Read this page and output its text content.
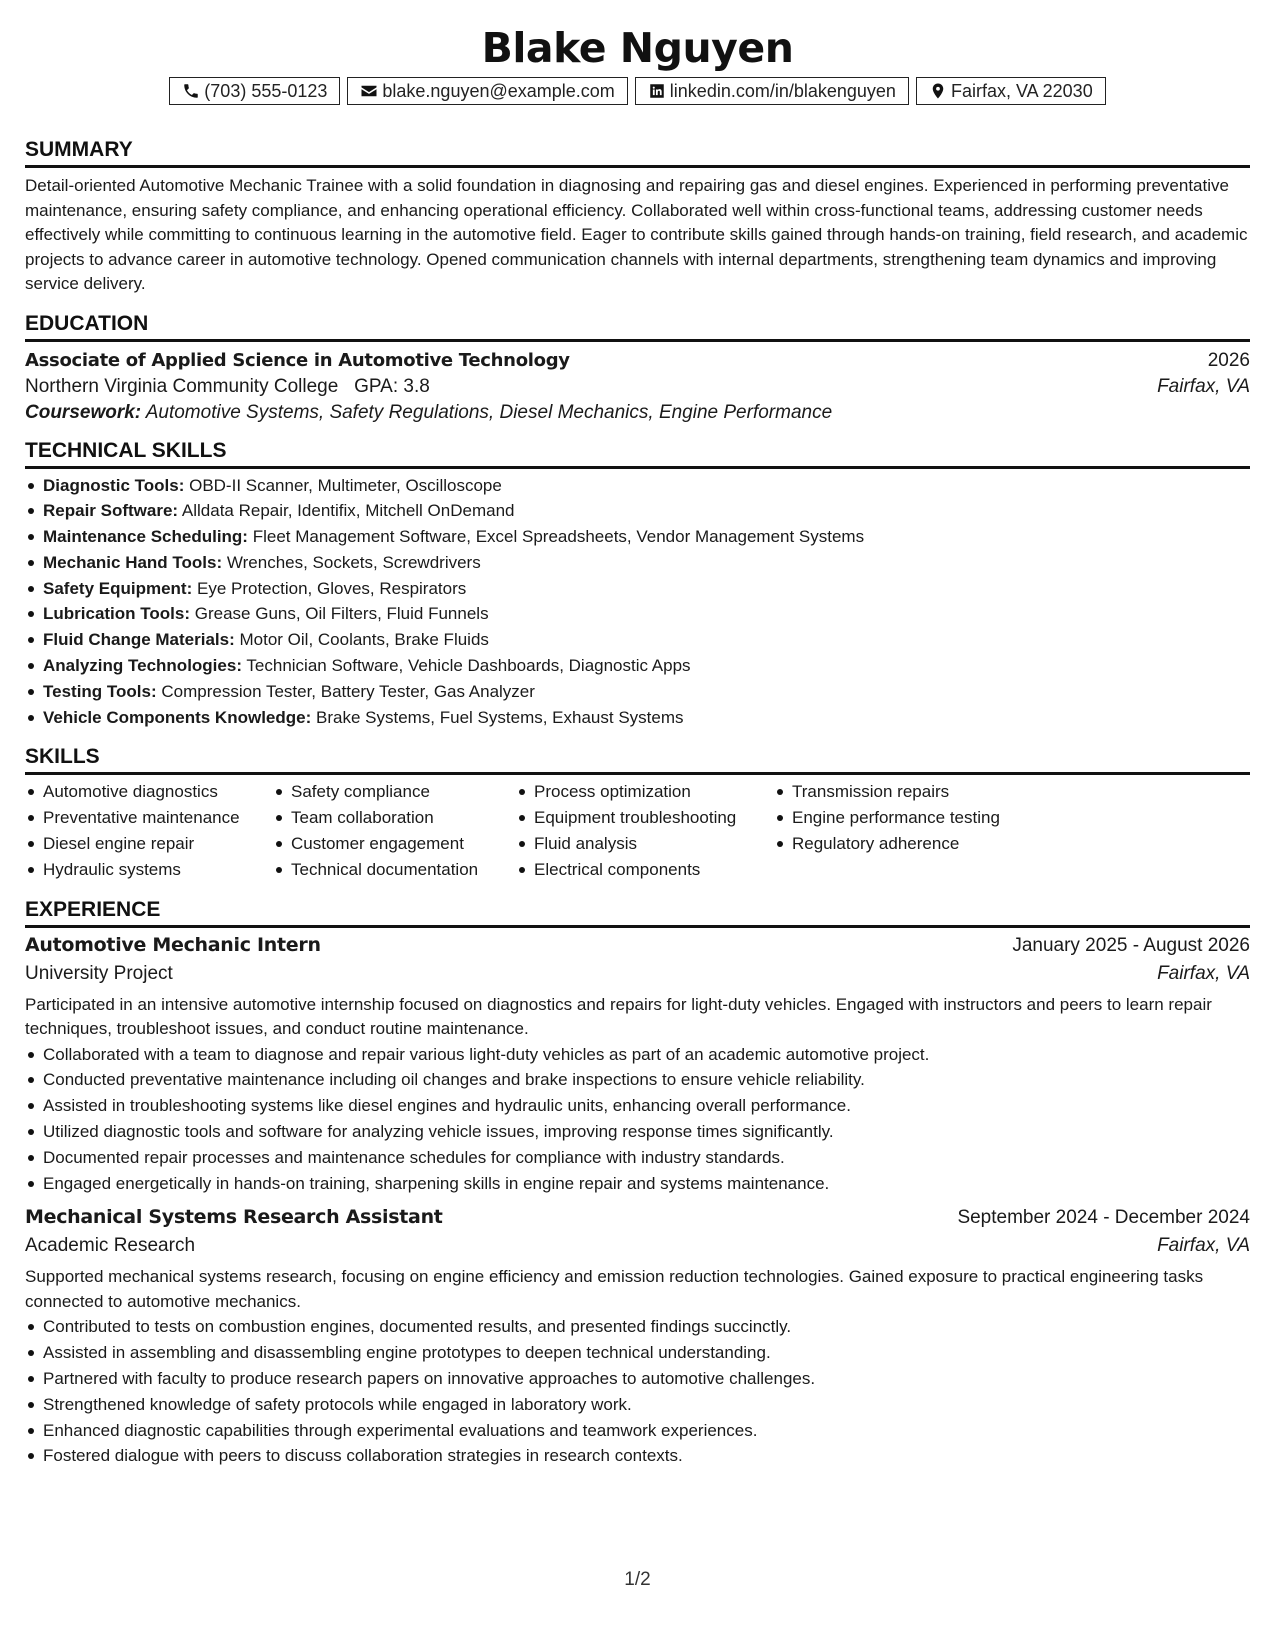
Blake Nguyen
(703) 555-0123	blake.nguyen@example.com	linkedin.com/in/blakenguyen	Fairfax, VA 22030
SUMMARY
Detail-oriented Automotive Mechanic Trainee with a solid foundation in diagnosing and repairing gas and diesel engines. Experienced in performing preventative maintenance, ensuring safety compliance, and enhancing operational efficiency. Collaborated well within cross-functional teams, addressing customer needs effectively while committing to continuous learning in the automotive field. Eager to contribute skills gained through hands-on training, field research, and academic projects to advance career in automotive technology. Opened communication channels with internal departments, strengthening team dynamics and improving service delivery.
EDUCATION
Associate of Applied Science in Automotive Technology	2026
Northern Virginia Community College GPA: 3.8	Fairfax, VA
Coursework: Automotive Systems, Safety Regulations, Diesel Mechanics, Engine Performance
TECHNICAL SKILLS
Diagnostic Tools: OBD-II Scanner, Multimeter, Oscilloscope
Repair Software: Alldata Repair, Identifix, Mitchell OnDemand
Maintenance Scheduling: Fleet Management Software, Excel Spreadsheets, Vendor Management Systems
Mechanic Hand Tools: Wrenches, Sockets, Screwdrivers
Safety Equipment: Eye Protection, Gloves, Respirators
Lubrication Tools: Grease Guns, Oil Filters, Fluid Funnels
Fluid Change Materials: Motor Oil, Coolants, Brake Fluids
Analyzing Technologies: Technician Software, Vehicle Dashboards, Diagnostic Apps
Testing Tools: Compression Tester, Battery Tester, Gas Analyzer
Vehicle Components Knowledge: Brake Systems, Fuel Systems, Exhaust Systems
SKILLS
Automotive diagnostics
Preventative maintenance
Diesel engine repair
Hydraulic systems
Safety compliance
Team collaboration
Customer engagement
Technical documentation
Process optimization
Equipment troubleshooting
Fluid analysis
Electrical components
Transmission repairs
Engine performance testing
Regulatory adherence
EXPERIENCE
Automotive Mechanic Intern	January 2025 - August 2026
University Project	Fairfax, VA
Participated in an intensive automotive internship focused on diagnostics and repairs for light-duty vehicles. Engaged with instructors and peers to learn repair techniques, troubleshoot issues, and conduct routine maintenance.
Collaborated with a team to diagnose and repair various light-duty vehicles as part of an academic automotive project.
Conducted preventative maintenance including oil changes and brake inspections to ensure vehicle reliability.
Assisted in troubleshooting systems like diesel engines and hydraulic units, enhancing overall performance.
Utilized diagnostic tools and software for analyzing vehicle issues, improving response times significantly.
Documented repair processes and maintenance schedules for compliance with industry standards.
Engaged energetically in hands-on training, sharpening skills in engine repair and systems maintenance.
Mechanical Systems Research Assistant	September 2024 - December 2024
Academic Research	Fairfax, VA
Supported mechanical systems research, focusing on engine efficiency and emission reduction technologies. Gained exposure to practical engineering tasks connected to automotive mechanics.
Contributed to tests on combustion engines, documented results, and presented findings succinctly.
Assisted in assembling and disassembling engine prototypes to deepen technical understanding.
Partnered with faculty to produce research papers on innovative approaches to automotive challenges.
Strengthened knowledge of safety protocols while engaged in laboratory work.
Enhanced diagnostic capabilities through experimental evaluations and teamwork experiences.
Fostered dialogue with peers to discuss collaboration strategies in research contexts.
1/2
